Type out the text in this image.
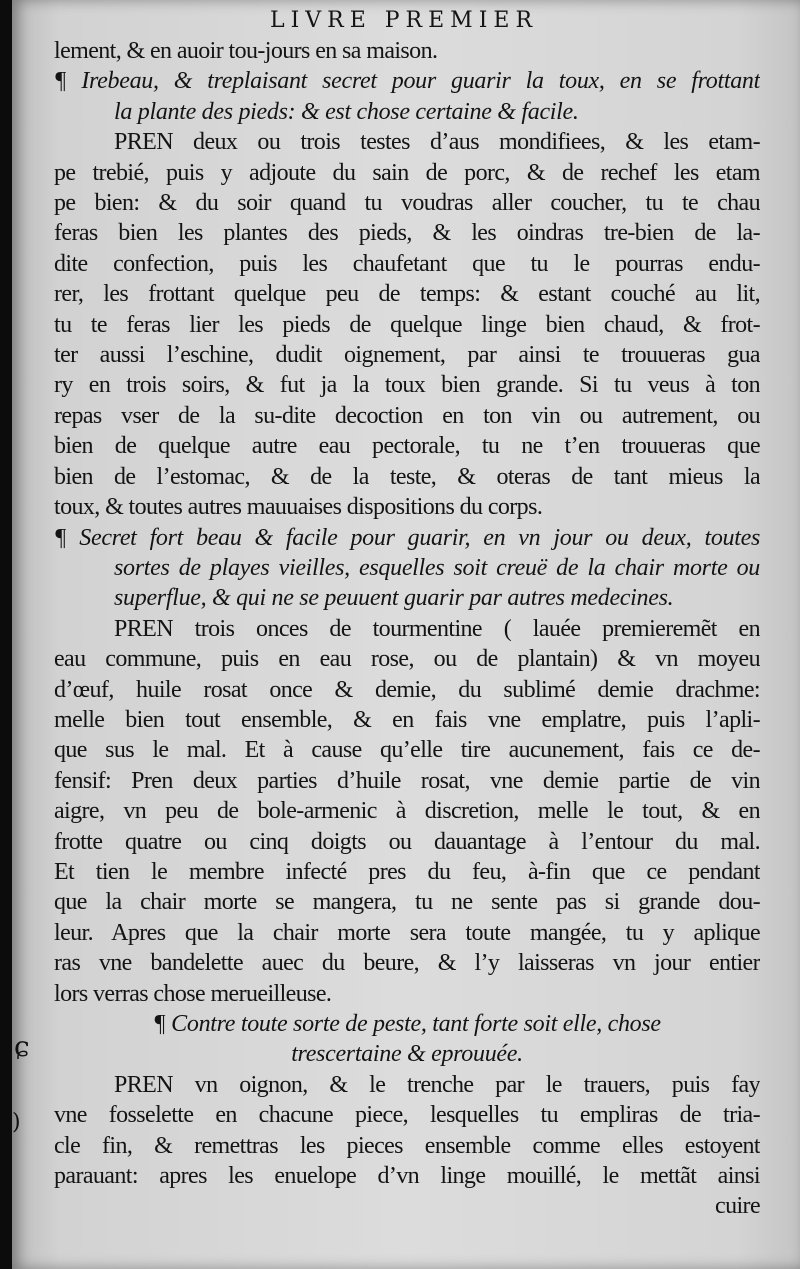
LIVRE PREMIER
lement, & en auoir tou-jours en sa maison.
¶ Irebeau, & treplaisant secret pour guarir la toux, en se frottant
la plante des pieds: & est chose certaine & facile.
PREN deux ou trois testes d’aus mondifiees, & les etam-
pe trebié, puis y adjoute du sain de porc, & de rechef les etam
pe bien: & du soir quand tu voudras aller coucher, tu te chau
feras bien les plantes des pieds, & les oindras tre-bien de la-
dite confection, puis les chaufetant que tu le pourras endu-
rer, les frottant quelque peu de temps: & estant couché au lit,
tu te feras lier les pieds de quelque linge bien chaud, & frot-
ter aussi l’eschine, dudit oignement, par ainsi te trouueras gua
ry en trois soirs, & fut ja la toux bien grande. Si tu veus à ton
repas vser de la su-dite decoction en ton vin ou autrement, ou
bien de quelque autre eau pectorale, tu ne t’en trouueras que
bien de l’estomac, & de la teste, & oteras de tant mieus la
toux, & toutes autres mauuaises dispositions du corps.
¶ Secret fort beau & facile pour guarir, en vn jour ou deux, toutes
sortes de playes vieilles, esquelles soit creuë de la chair morte ou
superflue, & qui ne se peuuent guarir par autres medecines.
PREN trois onces de tourmentine ( lauée premieremẽt en
eau commune, puis en eau rose, ou de plantain) & vn moyeu
d’œuf, huile rosat once & demie, du sublimé demie drachme:
melle bien tout ensemble, & en fais vne emplatre, puis l’apli-
que sus le mal. Et à cause qu’elle tire aucunement, fais ce de-
fensif: Pren deux parties d’huile rosat, vne demie partie de vin
aigre, vn peu de bole-armenic à discretion, melle le tout, & en
frotte quatre ou cinq doigts ou dauantage à l’entour du mal.
Et tien le membre infecté pres du feu, à-fin que ce pendant
que la chair morte se mangera, tu ne sente pas si grande dou-
leur. Apres que la chair morte sera toute mangée, tu y aplique
ras vne bandelette auec du beure, & l’y laisseras vn jour entier
lors verras chose merueilleuse.
¶ Contre toute sorte de peste, tant forte soit elle, chose
trescertaine & eprouuée.
PREN vn oignon, & le trenche par le trauers, puis fay
vne fosselette en chacune piece, lesquelles tu empliras de tria-
cle fin, & remettras les pieces ensemble comme elles estoyent
parauant: apres les enuelope d’vn linge mouillé, le mettãt ainsi
cuire
ɕ
)
